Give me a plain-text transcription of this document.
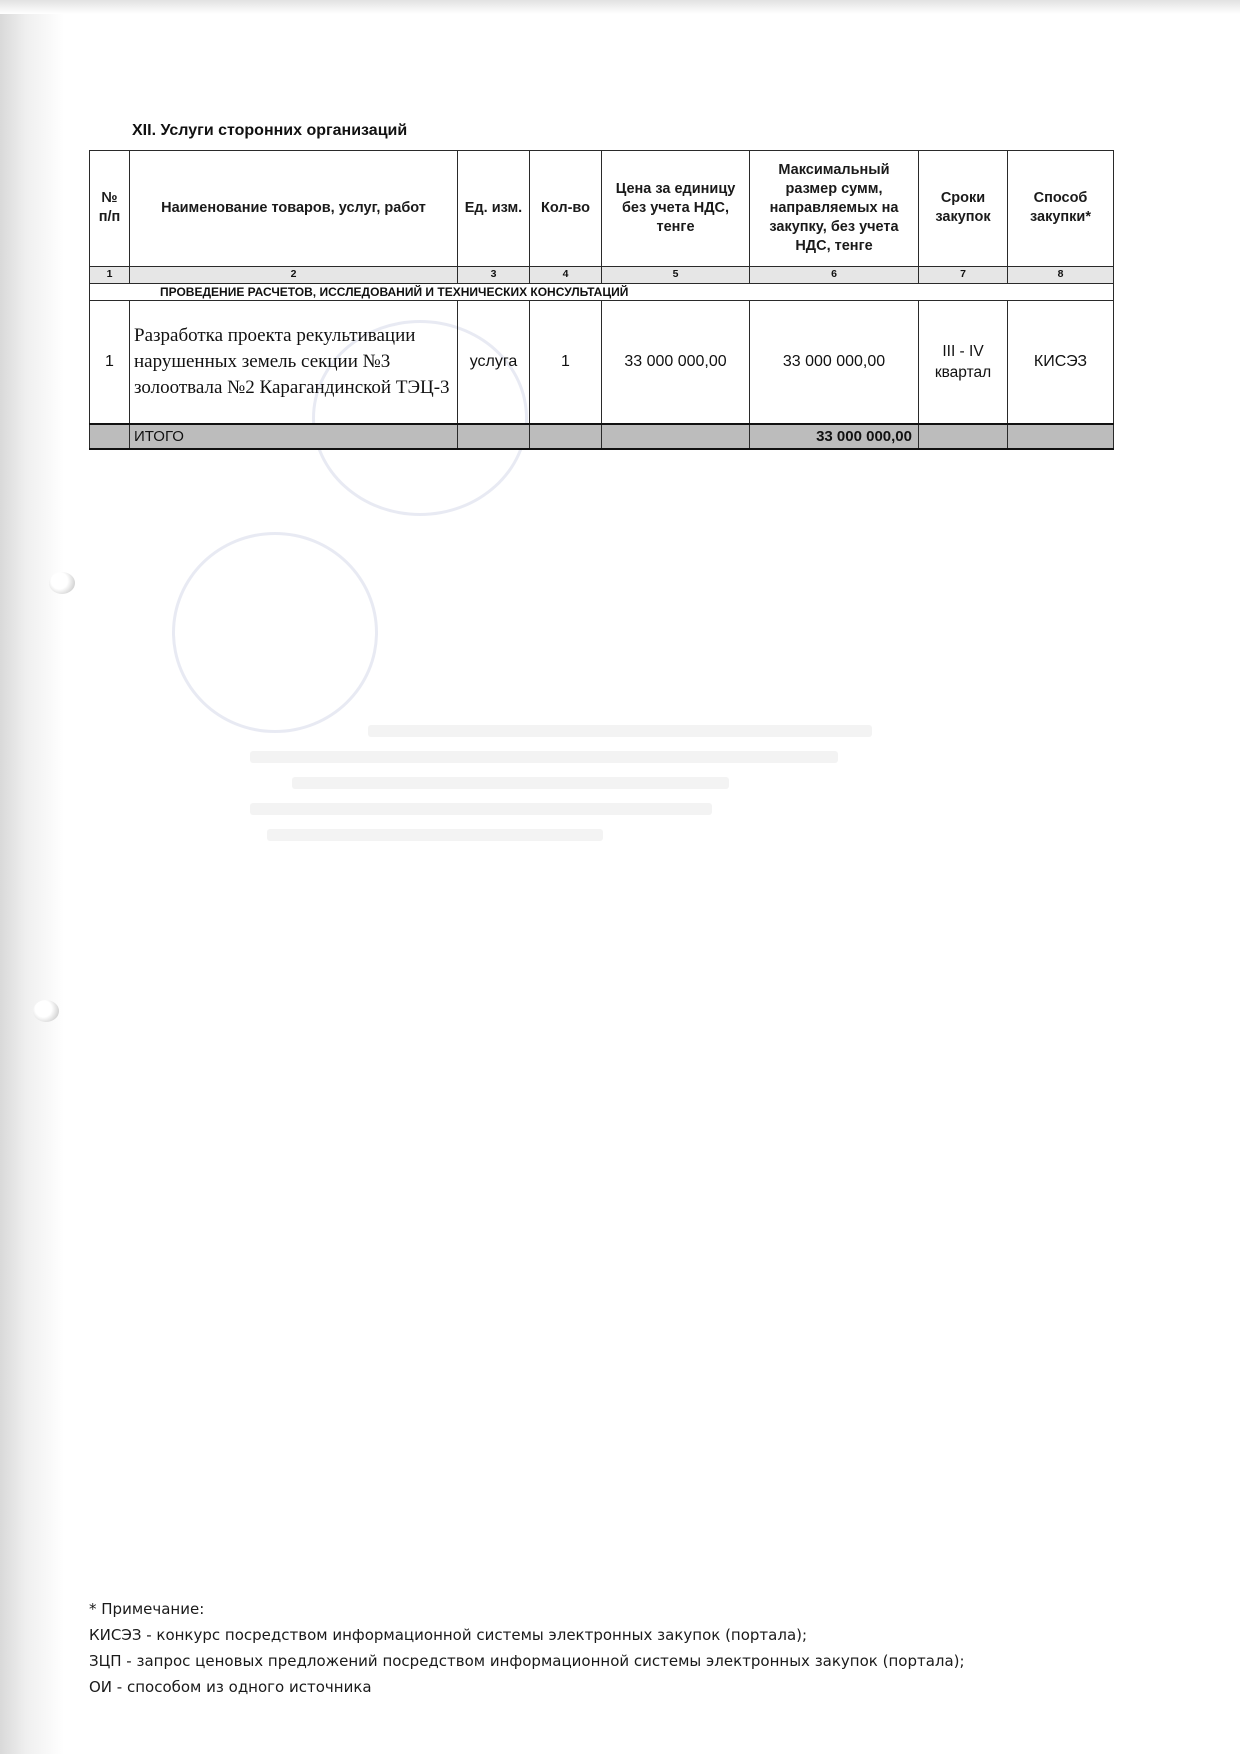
XII. Услуги сторонних организаций
№ п/п	Наименование товаров, услуг, работ	Ед. изм.	Кол-во	Цена за единицу без учета НДС, тенге	Максимальный размер сумм, направляемых на закупку, без учета НДС, тенге	Сроки закупок	Способ закупки*
1	2	3	4	5	6	7	8
ПРОВЕДЕНИЕ РАСЧЕТОВ, ИССЛЕДОВАНИЙ И ТЕХНИЧЕСКИХ КОНСУЛЬТАЦИЙ							
1	Разработка проекта рекультивации нарушенных земель секции №3 золоотвала №2 Карагандинской ТЭЦ-3	услуга	1	33 000 000,00	33 000 000,00	III - IV квартал	КИСЭЗ
	ИТОГО				33 000 000,00		

* Примечание:

КИСЭЗ - конкурс посредством информационной системы электронных закупок (портала);

ЗЦП - запрос ценовых предложений посредством информационной системы электронных закупок (портала);

ОИ - способом из одного источника
